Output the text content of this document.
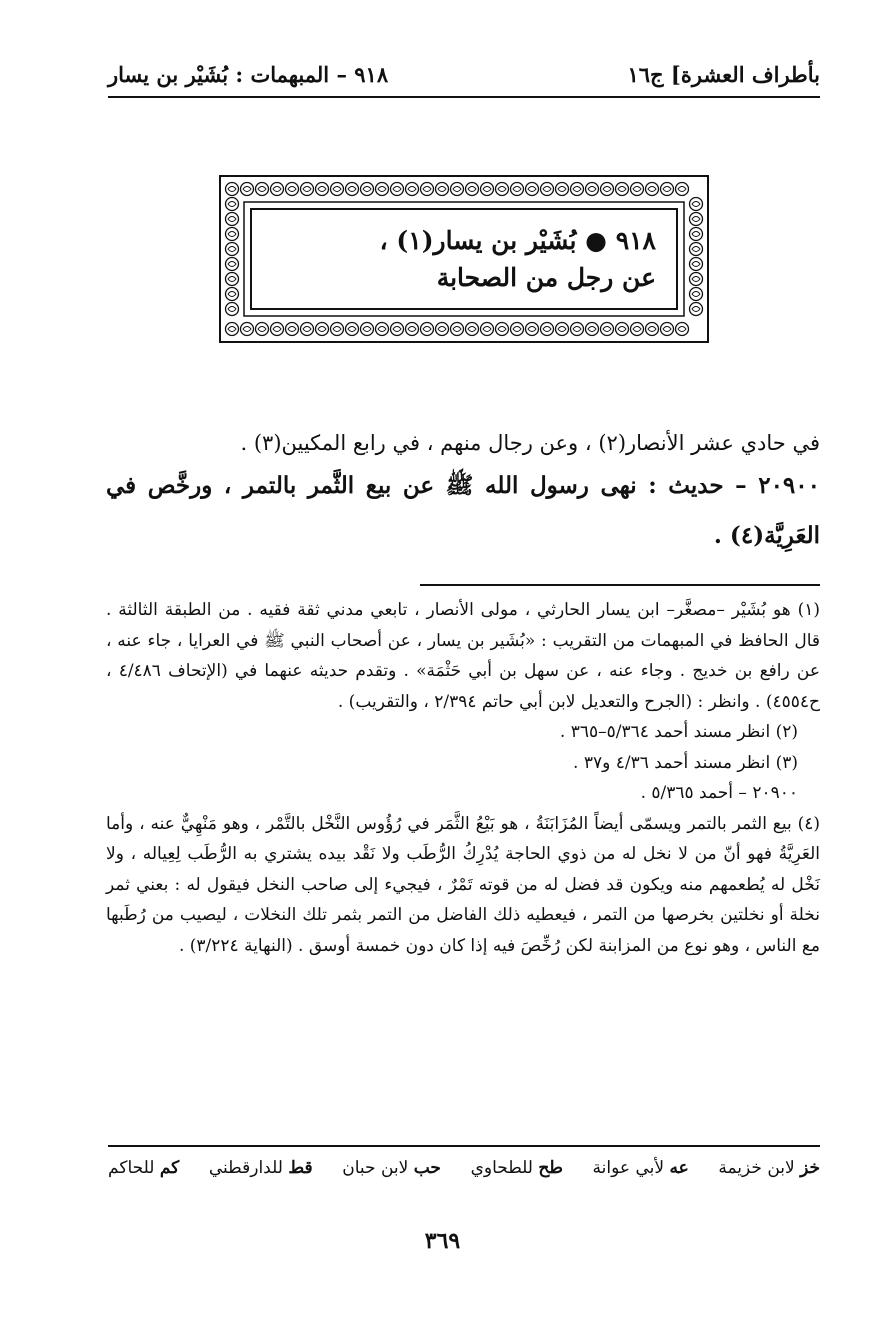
بأطراف العشرة] ج١٦
٩١٨ – المبهمات : بُشَيْر بن يسار
٩١٨ ● بُشَيْر بن يسار(١) ،
عن رجل من الصحابة

في حادي عشر الأنصار(٢) ، وعن رجال منهم ، في رابع المكيين(٣) .

٢٠٩٠٠ – حديث : نهى رسول الله ﷺ عن بيع الثَّمر بالتمر ، ورخَّص في العَرِيَّة(٤) .

(١) هو بُشَيْر –مصغَّر– ابن يسار الحارثي ، مولى الأنصار ، تابعي مدني ثقة فقيه . من الطبقة الثالثة . قال الحافظ في المبهمات من التقريب : «بُشَير بن يسار ، عن أصحاب النبي ﷺ في العرايا ، جاء عنه ، عن رافع بن خديج . وجاء عنه ، عن سهل بن أبي حَثْمَة» . وتقدم حديثه عنهما في (الإتحاف ٤/٤٨٦ ، ح٤٥٥٤) . وانظر : (الجرح والتعديل لابن أبي حاتم ٢/٣٩٤ ، والتقريب) .

(٢) انظر مسند أحمد ٥/٣٦٤–٣٦٥ .

(٣) انظر مسند أحمد ٤/٣٦ و٣٧ .

٢٠٩٠٠ – أحمد ٥/٣٦٥ .

(٤) بيع الثمر بالتمر ويسمّى أيضاً المُزَابَنَةُ ، هو بَيْعُ الثَّمَر في رُؤُوس النَّخْل بالتَّمْر ، وهو مَنْهِيٌّ عنه ، وأما العَرِيَّةُ فهو أنّ من لا نخل له من ذوي الحاجة يُدْرِكُ الرُّطَب ولا نَقْد بيده يشتري به الرُّطَب لِعِياله ، ولا نَخْل له يُطعمهم منه ويكون قد فضل له من قوته تَمْرٌ ، فيجيء إلى صاحب النخل فيقول له : بعني ثمر نخلة أو نخلتين بخرصها من التمر ، فيعطيه ذلك الفاضل من التمر بثمر تلك النخلات ، ليصيب من رُطَبها مع الناس ، وهو نوع من المزابنة لكن رُخِّصَ فيه إذا كان دون خمسة أوسق . (النهاية ٣/٢٢٤) .

خز لابن خزيمة
عه لأبي عوانة
طح للطحاوي
حب لابن حبان
قط للدارقطني
كم للحاكم
٣٦٩
